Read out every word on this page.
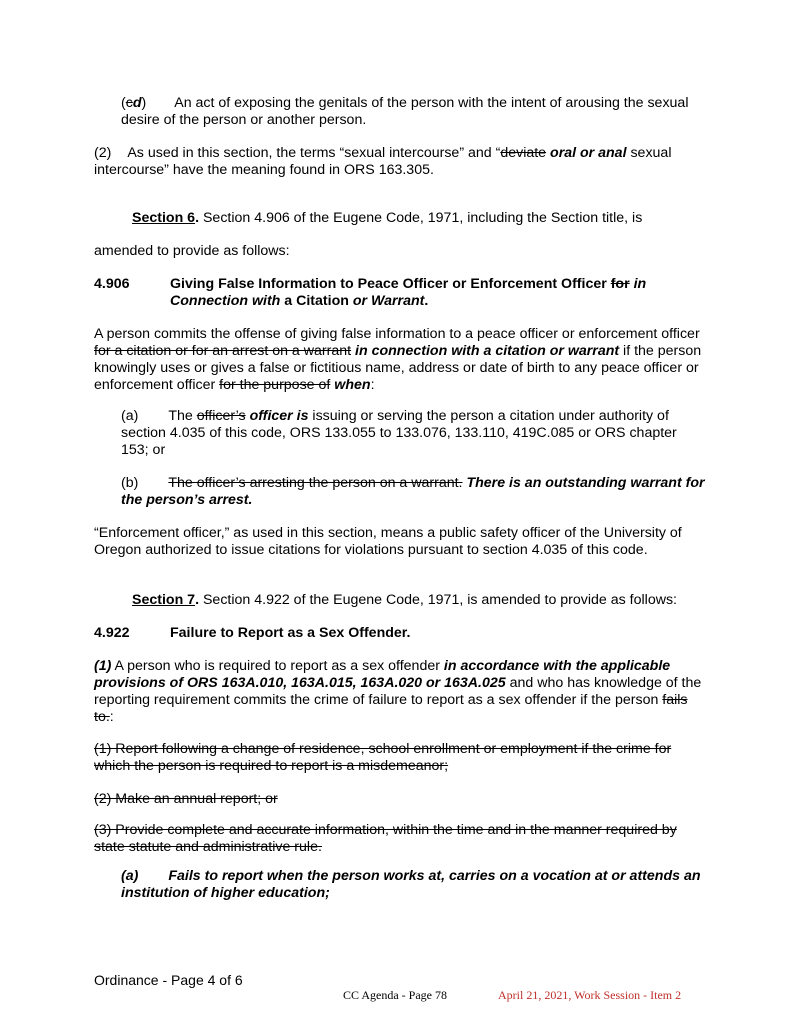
(cd) An act of exposing the genitals of the person with the intent of arousing the sexual desire of the person or another person.

(2) As used in this section, the terms “sexual intercourse” and “deviate oral or anal sexual intercourse” have the meaning found in ORS 163.305.

Section 6. Section 4.906 of the Eugene Code, 1971, including the Section title, is

amended to provide as follows:

4.906	Giving False Information to Peace Officer or Enforcement Officer for in Connection with a Citation or Warrant.

A person commits the offense of giving false information to a peace officer or enforcement officer for a citation or for an arrest on a warrant in connection with a citation or warrant if the person knowingly uses or gives a false or fictitious name, address or date of birth to any peace officer or enforcement officer for the purpose of when:

(a) The officer’s officer is issuing or serving the person a citation under authority of section 4.035 of this code, ORS 133.055 to 133.076, 133.110, 419C.085 or ORS chapter 153; or

(b) The officer’s arresting the person on a warrant. There is an outstanding warrant for the person’s arrest.

“Enforcement officer,” as used in this section, means a public safety officer of the University of Oregon authorized to issue citations for violations pursuant to section 4.035 of this code.

Section 7. Section 4.922 of the Eugene Code, 1971, is amended to provide as follows:

4.922	Failure to Report as a Sex Offender.

(1) A person who is required to report as a sex offender in accordance with the applicable provisions of ORS 163A.010, 163A.015, 163A.020 or 163A.025 and who has knowledge of the reporting requirement commits the crime of failure to report as a sex offender if the person fails to.:

(1) Report following a change of residence, school enrollment or employment if the crime for which the person is required to report is a misdemeanor;

(2) Make an annual report; or

(3) Provide complete and accurate information, within the time and in the manner required by state statute and administrative rule.

(a) Fails to report when the person works at, carries on a vocation at or attends an institution of higher education;
Ordinance - Page 4 of 6
CC Agenda - Page 78	April 21, 2021, Work Session - Item 2
